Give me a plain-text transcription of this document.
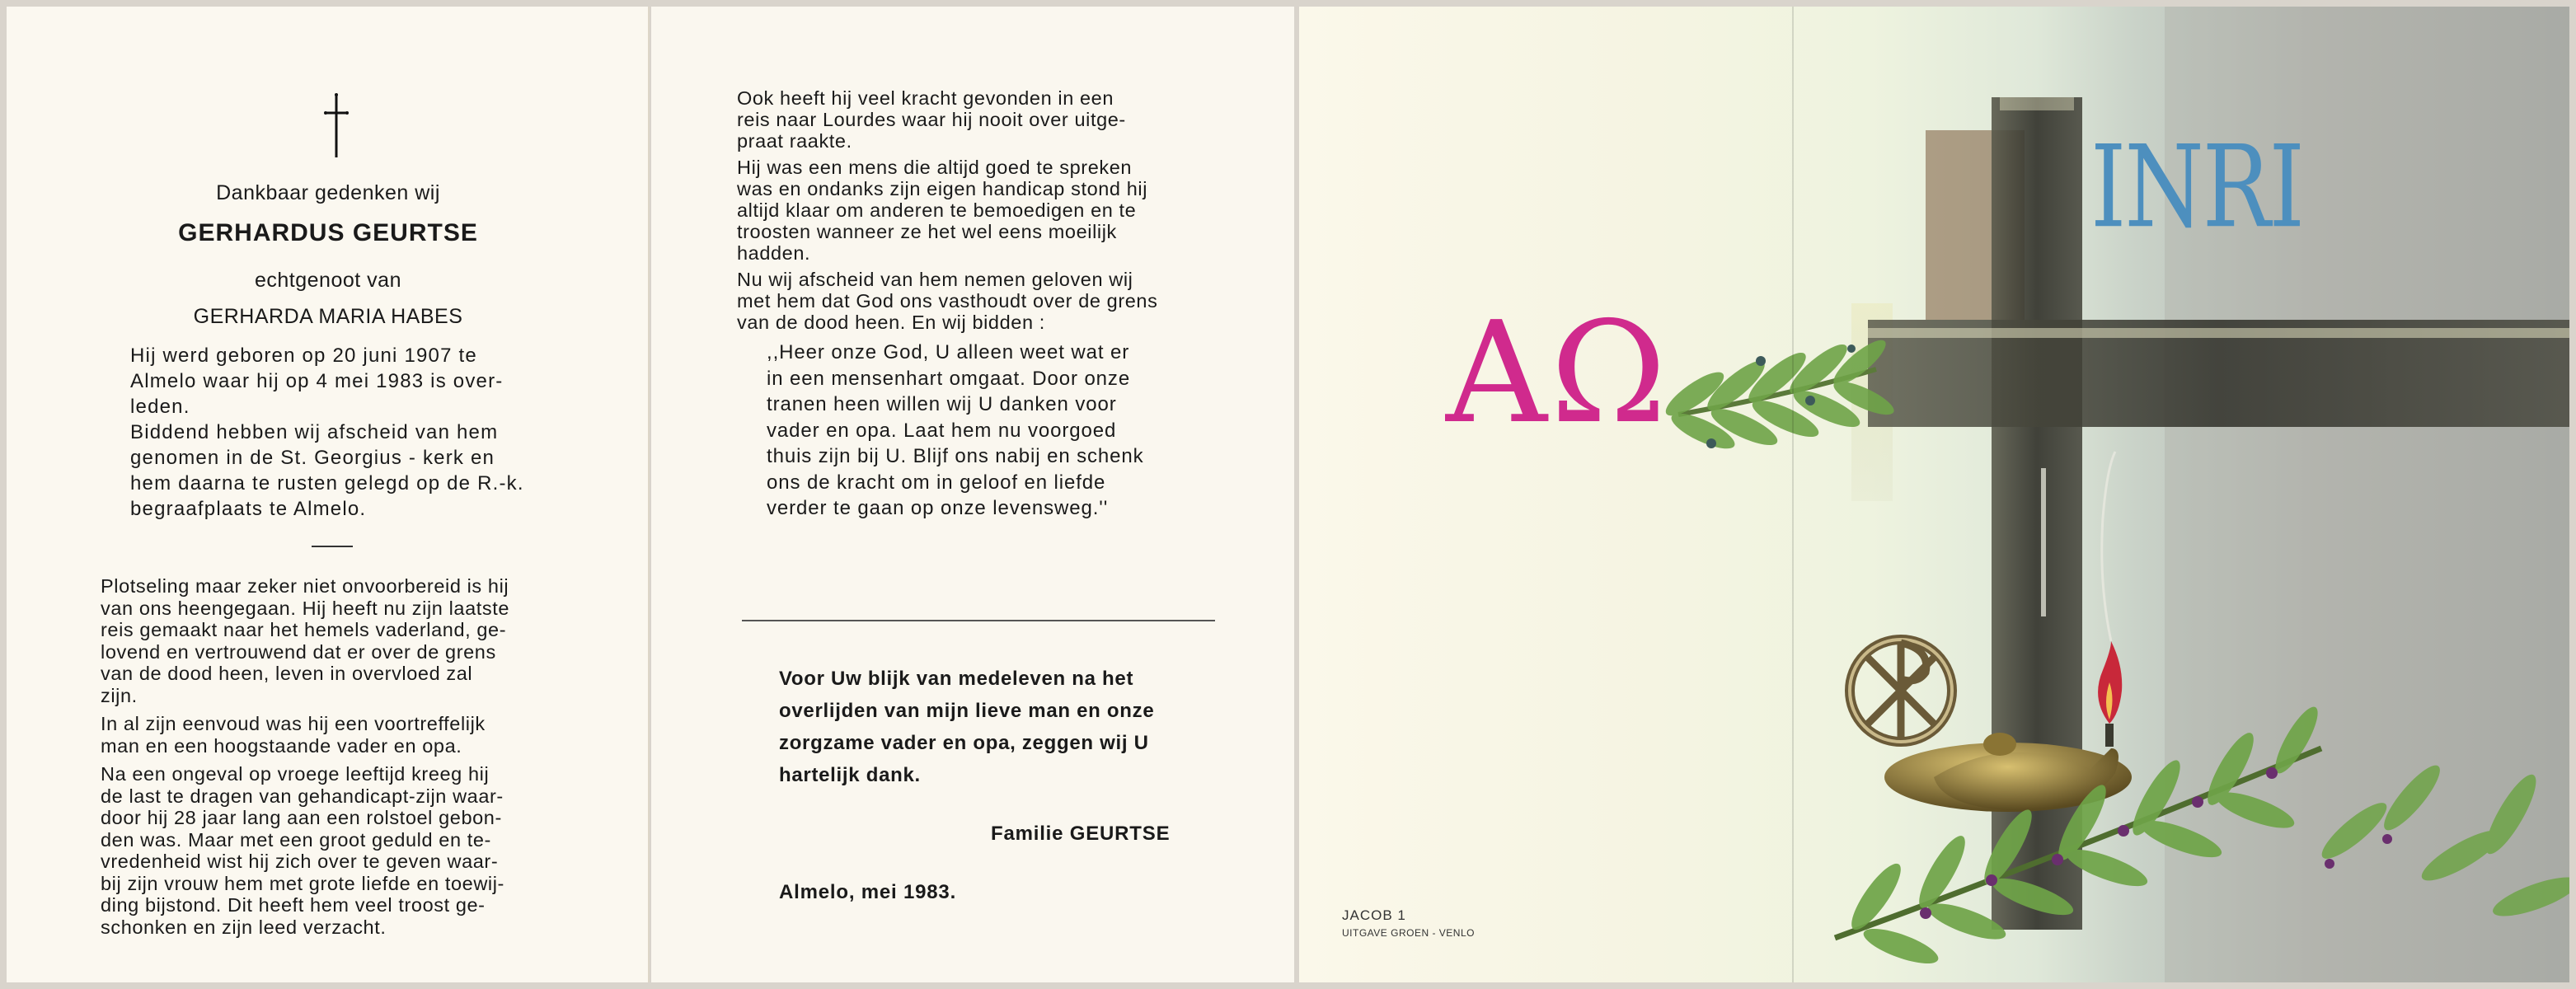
Dankbaar gedenken wij
GERHARDUS GEURTSE
echtgenoot van
GERHARDA MARIA HABES

Hij werd geboren op 20 juni 1907 te

Almelo waar hij op 4 mei 1983 is over-

leden.

Biddend hebben wij afscheid van hem

genomen in de St. Georgius - kerk en

hem daarna te rusten gelegd op de R.-k.

begraafplaats te Almelo.

Plotseling maar zeker niet onvoorbereid is hij

van ons heengegaan. Hij heeft nu zijn laatste

reis gemaakt naar het hemels vaderland, ge-

lovend en vertrouwend dat er over de grens

van de dood heen, leven in overvloed zal

zijn.

In al zijn eenvoud was hij een voortreffelijk

man en een hoogstaande vader en opa.

Na een ongeval op vroege leeftijd kreeg hij

de last te dragen van gehandicapt-zijn waar-

door hij 28 jaar lang aan een rolstoel gebon-

den was. Maar met een groot geduld en te-

vredenheid wist hij zich over te geven waar-

bij zijn vrouw hem met grote liefde en toewij-

ding bijstond. Dit heeft hem veel troost ge-

schonken en zijn leed verzacht.

Ook heeft hij veel kracht gevonden in een

reis naar Lourdes waar hij nooit over uitge-

praat raakte.

Hij was een mens die altijd goed te spreken

was en ondanks zijn eigen handicap stond hij

altijd klaar om anderen te bemoedigen en te

troosten wanneer ze het wel eens moeilijk

hadden.

Nu wij afscheid van hem nemen geloven wij

met hem dat God ons vasthoudt over de grens

van de dood heen. En wij bidden :

,,Heer onze God, U alleen weet wat er
in een mensenhart omgaat. Door onze
tranen heen willen wij U danken voor
vader en opa. Laat hem nu voorgoed
thuis zijn bij U. Blijf ons nabij en schenk
ons de kracht om in geloof en liefde
verder te gaan op onze levensweg.''
Voor Uw blijk van medeleven na het
overlijden van mijn lieve man en onze
zorgzame vader en opa, zeggen wij U
hartelijk dank.
Familie GEURTSE
Almelo, mei 1983.
AΩ
INRI
JACOB 1
UITGAVE GROEN - VENLO
